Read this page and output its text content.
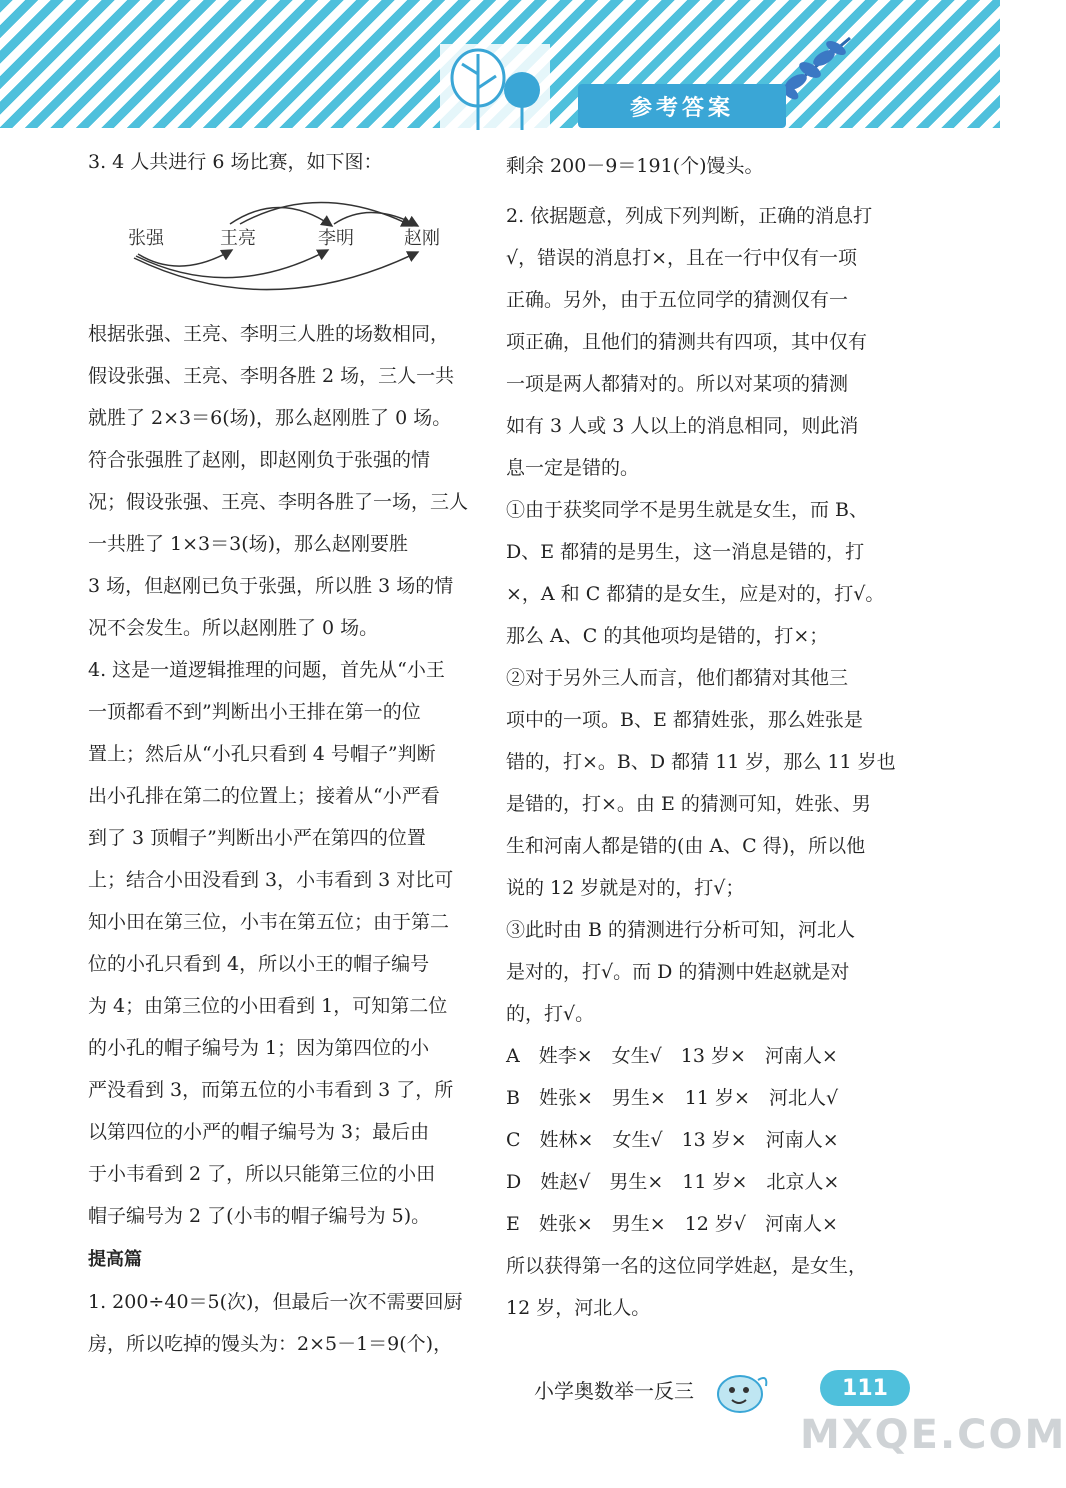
参考答案
3. 4 人共进行 6 场比赛，如下图：
根据张强、王亮、李明三人胜的场数相同，
假设张强、王亮、李明各胜 2 场，三人一共
就胜了 2×3＝6(场)，那么赵刚胜了 0 场。
符合张强胜了赵刚，即赵刚负于张强的情
况；假设张强、王亮、李明各胜了一场，三人
一共胜了 1×3＝3(场)，那么赵刚要胜
3 场，但赵刚已负于张强，所以胜 3 场的情
况不会发生。所以赵刚胜了 0 场。
4. 这是一道逻辑推理的问题，首先从“小王
一顶都看不到”判断出小王排在第一的位
置上；然后从“小孔只看到 4 号帽子”判断
出小孔排在第二的位置上；接着从“小严看
到了 3 顶帽子”判断出小严在第四的位置
上；结合小田没看到 3，小韦看到 3 对比可
知小田在第三位，小韦在第五位；由于第二
位的小孔只看到 4，所以小王的帽子编号
为 4；由第三位的小田看到 1，可知第二位
的小孔的帽子编号为 1；因为第四位的小
严没看到 3，而第五位的小韦看到 3 了，所
以第四位的小严的帽子编号为 3；最后由
于小韦看到 2 了，所以只能第三位的小田
帽子编号为 2 了(小韦的帽子编号为 5)。
提高篇
1. 200÷40＝5(次)，但最后一次不需要回厨
房，所以吃掉的馒头为：2×5－1＝9(个)，
张强	王亮	李明	赵刚
剩余 200－9＝191(个)馒头。
2. 依据题意，列成下列判断，正确的消息打
√，错误的消息打×，且在一行中仅有一项
正确。另外，由于五位同学的猜测仅有一
项正确，且他们的猜测共有四项，其中仅有
一项是两人都猜对的。所以对某项的猜测
如有 3 人或 3 人以上的消息相同，则此消
息一定是错的。
①由于获奖同学不是男生就是女生，而 B、
D、E 都猜的是男生，这一消息是错的，打
×，A 和 C 都猜的是女生，应是对的，打√。
那么 A、C 的其他项均是错的，打×；
②对于另外三人而言，他们都猜对其他三
项中的一项。B、E 都猜姓张，那么姓张是
错的，打×。B、D 都猜 11 岁，那么 11 岁也
是错的，打×。由 E 的猜测可知，姓张、男
生和河南人都是错的(由 A、C 得)，所以他
说的 12 岁就是对的，打√；
③此时由 B 的猜测进行分析可知，河北人
是对的，打√。而 D 的猜测中姓赵就是对
的，打√。
A　姓李×　女生√　13 岁×　河南人×
B　姓张×　男生×　11 岁×　河北人√
C　姓林×　女生√　13 岁×　河南人×
D　姓赵√　男生×　11 岁×　北京人×
E　姓张×　男生×　12 岁√　河南人×
所以获得第一名的这位同学姓赵，是女生，
12 岁，河北人。
小学奥数举一反三	111
MXQE.COM
